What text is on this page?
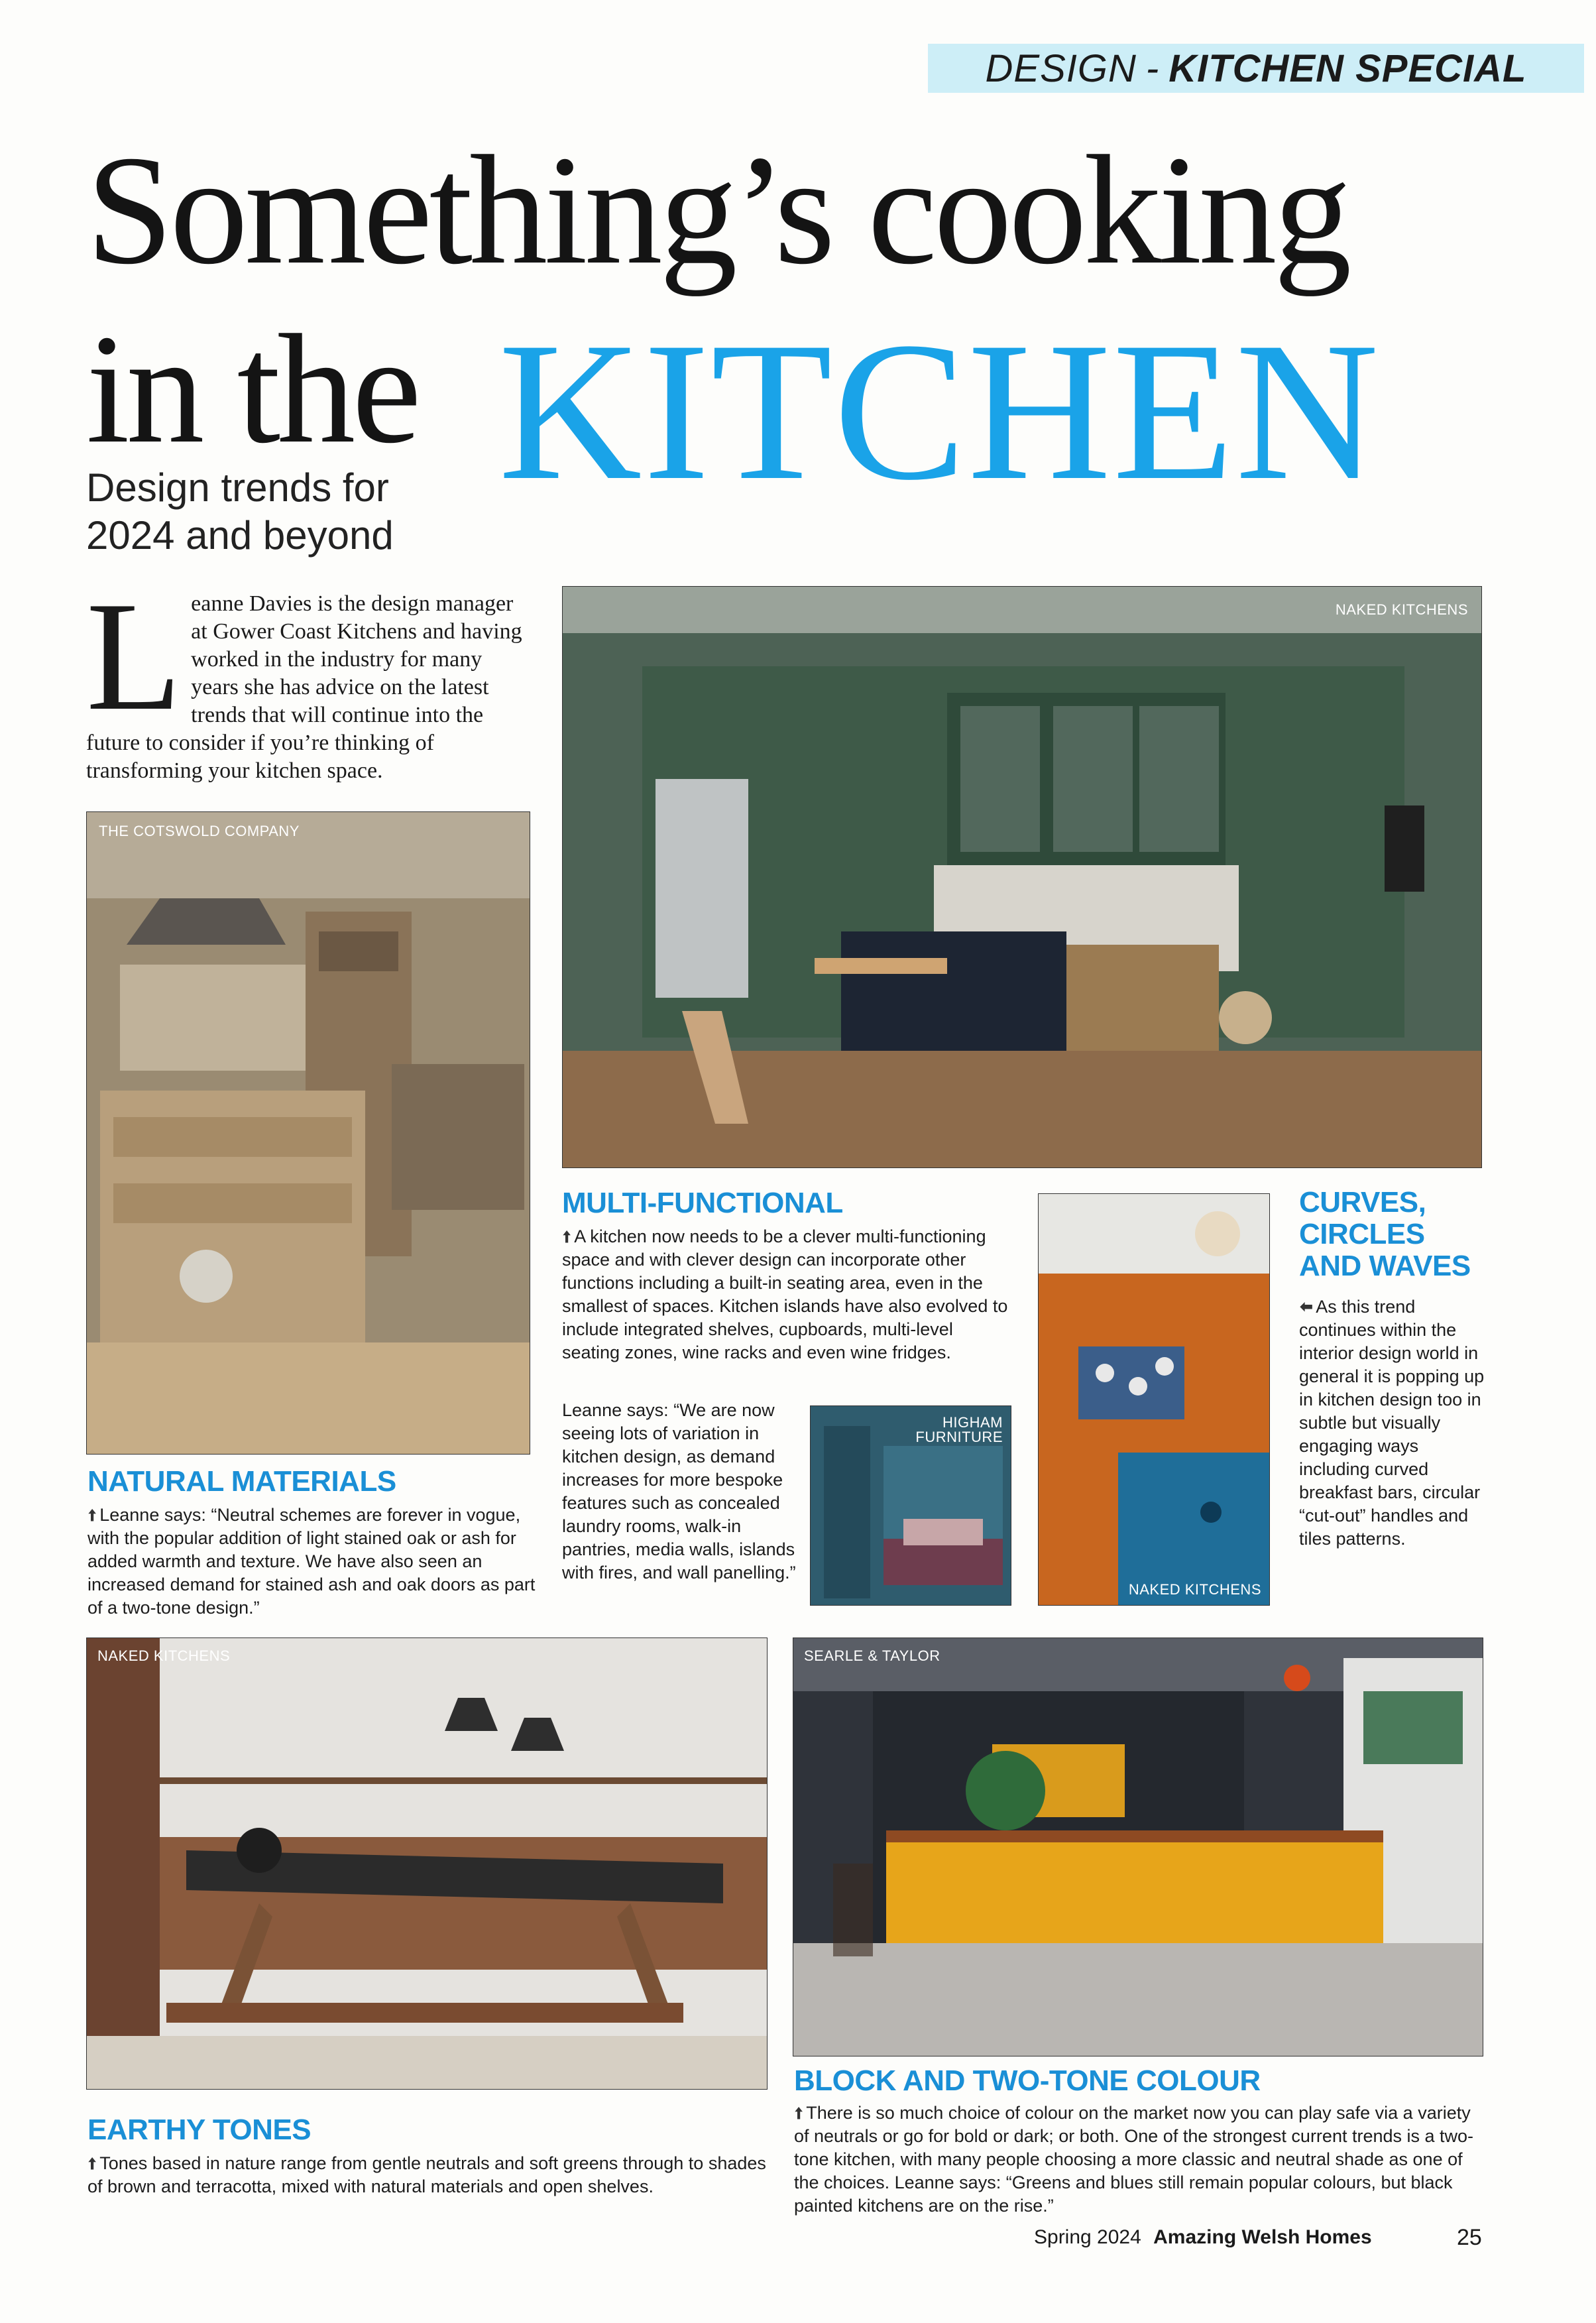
DESIGN - KITCHEN SPECIAL
Something’s cooking
in the KITCHEN
Design trends for 2024 and beyond
L eanne Davies is the design manager at Gower Coast Kitchens and having worked in the industry for many years she has advice on the latest trends that will continue into the future to consider if you’re thinking of transforming your kitchen space.
NAKED KITCHENS
THE COTSWOLD COMPANY
NATURAL MATERIALS
🠩 Leanne says: “Neutral schemes are forever in vogue, with the popular addition of light stained oak or ash for added warmth and texture. We have also seen an increased demand for stained ash and oak doors as part of a two-tone design.”
MULTI-FUNCTIONAL
🠩 A kitchen now needs to be a clever multi-functioning space and with clever design can incorporate other functions including a built-in seating area, even in the smallest of spaces. Kitchen islands have also evolved to include integrated shelves, cupboards, multi-level seating zones, wine racks and even wine fridges.
Leanne says: “We are now seeing lots of variation in kitchen design, as demand increases for more bespoke features such as concealed laundry rooms, walk-in pantries, media walls, islands with fires, and wall panelling.”
HIGHAM FURNITURE
NAKED KITCHENS
CURVES,
CIRCLES
AND WAVES
🠬 As this trend continues within the interior design world in general it is popping up in kitchen design too in subtle but visually engaging ways including curved breakfast bars, circular “cut-out” handles and tiles patterns.
NAKED KITCHENS
EARTHY TONES
🠩 Tones based in nature range from gentle neutrals and soft greens through to shades of brown and terracotta, mixed with natural materials and open shelves.
SEARLE & TAYLOR
BLOCK AND TWO-TONE COLOUR
🠩 There is so much choice of colour on the market now you can play safe via a variety of neutrals or go for bold or dark; or both. One of the strongest current trends is a two-tone kitchen, with many people choosing a more classic and neutral shade as one of the choices. Leanne says: “Greens and blues still remain popular colours, but black painted kitchens are on the rise.”
Spring 2024 Amazing Welsh Homes	25
